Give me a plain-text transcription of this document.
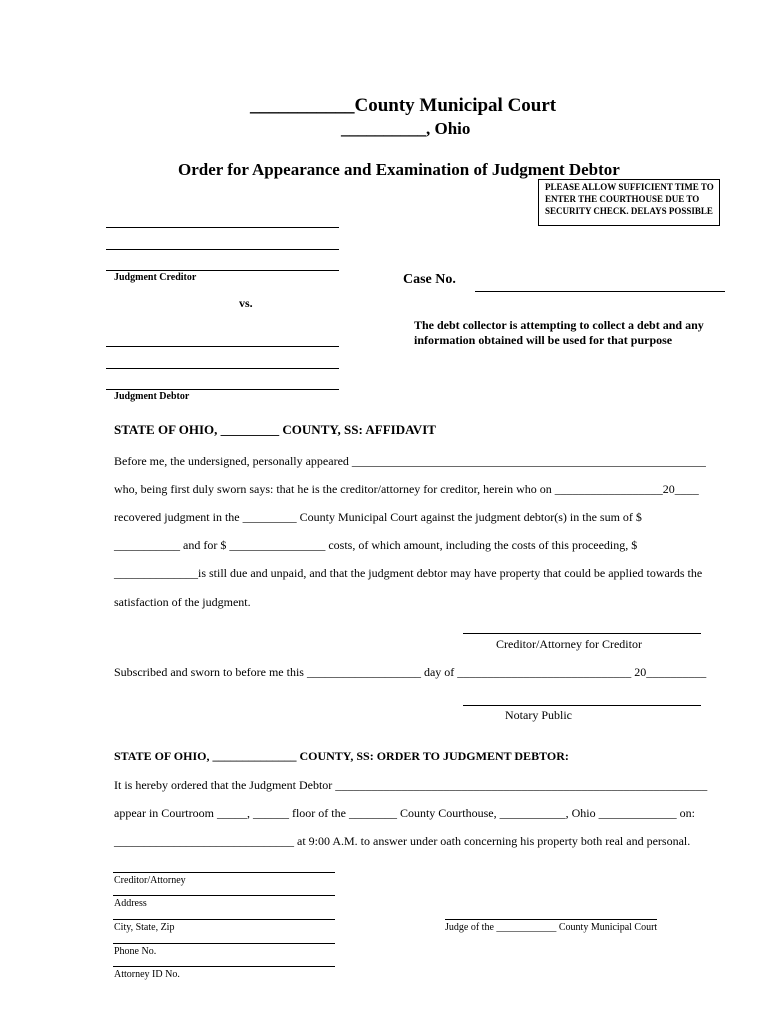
___________County Municipal Court
__________, Ohio
Order for Appearance and Examination of Judgment Debtor
PLEASE ALLOW SUFFICIENT TIME TO ENTER THE COURTHOUSE DUE TO SECURITY CHECK. DELAYS POSSIBLE
Judgment Creditor
vs.
Case No.
The debt collector is attempting to collect a debt and any information obtained will be used for that purpose
Judgment Debtor
STATE OF OHIO, _________ COUNTY, SS: AFFIDAVIT
Before me, the undersigned, personally appeared ___________________________________________________________
who, being first duly sworn says: that he is the creditor/attorney for creditor, herein who on __________________20____
recovered judgment in the _________ County Municipal Court against the judgment debtor(s) in the sum of $
___________ and for $ ________________ costs, of which amount, including the costs of this proceeding, $
______________is still due and unpaid, and that the judgment debtor may have property that could be applied towards the
satisfaction of the judgment.
Creditor/Attorney for Creditor
Subscribed and sworn to before me this ___________________ day of _____________________________ 20__________
Notary Public
STATE OF OHIO, ______________ COUNTY, SS: ORDER TO JUDGMENT DEBTOR:
It is hereby ordered that the Judgment Debtor ______________________________________________________________
appear in Courtroom _____, ______ floor of the ________ County Courthouse, ___________, Ohio _____________ on:
______________________________ at 9:00 A.M. to answer under oath concerning his property both real and personal.
Creditor/Attorney
Address
City, State, Zip
Phone No.
Attorney ID No.
Judge of the ____________ County Municipal Court
